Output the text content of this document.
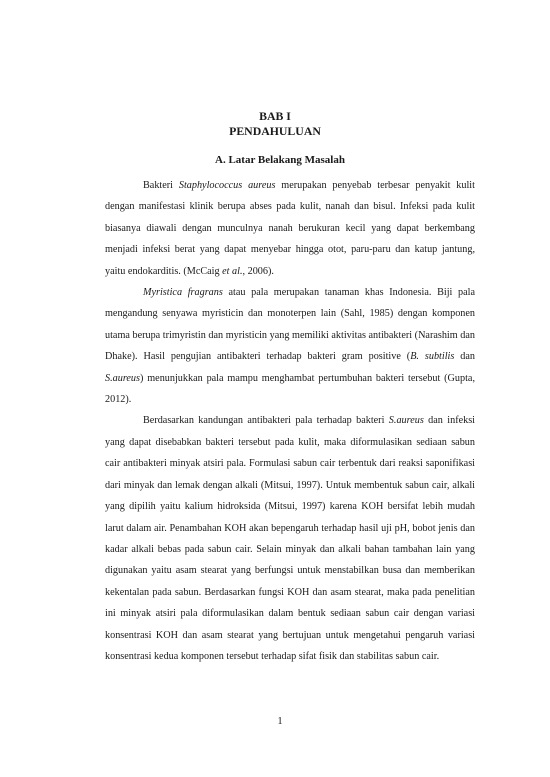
BAB I
PENDAHULUAN
A. Latar Belakang Masalah

Bakteri Staphylococcus aureus merupakan penyebab terbesar penyakit kulit dengan manifestasi klinik berupa abses pada kulit, nanah dan bisul. Infeksi pada kulit biasanya diawali dengan munculnya nanah berukuran kecil yang dapat berkembang menjadi infeksi berat yang dapat menyebar hingga otot, paru-paru dan katup jantung, yaitu endokarditis. (McCaig et al., 2006).

Myristica fragrans atau pala merupakan tanaman khas Indonesia. Biji pala mengandung senyawa myristicin dan monoterpen lain (Sahl, 1985) dengan komponen utama berupa trimyristin dan myristicin yang memiliki aktivitas antibakteri (Narashim dan Dhake). Hasil pengujian antibakteri terhadap bakteri gram positive (B. subtilis dan S.aureus) menunjukkan pala mampu menghambat pertumbuhan bakteri tersebut (Gupta, 2012).

Berdasarkan kandungan antibakteri pala terhadap bakteri S.aureus dan infeksi yang dapat disebabkan bakteri tersebut pada kulit, maka diformulasikan sediaan sabun cair antibakteri minyak atsiri pala. Formulasi sabun cair terbentuk dari reaksi saponifikasi dari minyak dan lemak dengan alkali (Mitsui, 1997). Untuk membentuk sabun cair, alkali yang dipilih yaitu kalium hidroksida (Mitsui, 1997) karena KOH bersifat lebih mudah larut dalam air. Penambahan KOH akan bepengaruh terhadap hasil uji pH, bobot jenis dan kadar alkali bebas pada sabun cair. Selain minyak dan alkali bahan tambahan lain yang digunakan yaitu asam stearat yang berfungsi untuk menstabilkan busa dan memberikan kekentalan pada sabun. Berdasarkan fungsi KOH dan asam stearat, maka pada penelitian ini minyak atsiri pala diformulasikan dalam bentuk sediaan sabun cair dengan variasi konsentrasi KOH dan asam stearat yang bertujuan untuk mengetahui pengaruh variasi konsentrasi kedua komponen tersebut terhadap sifat fisik dan stabilitas sabun cair.

1
